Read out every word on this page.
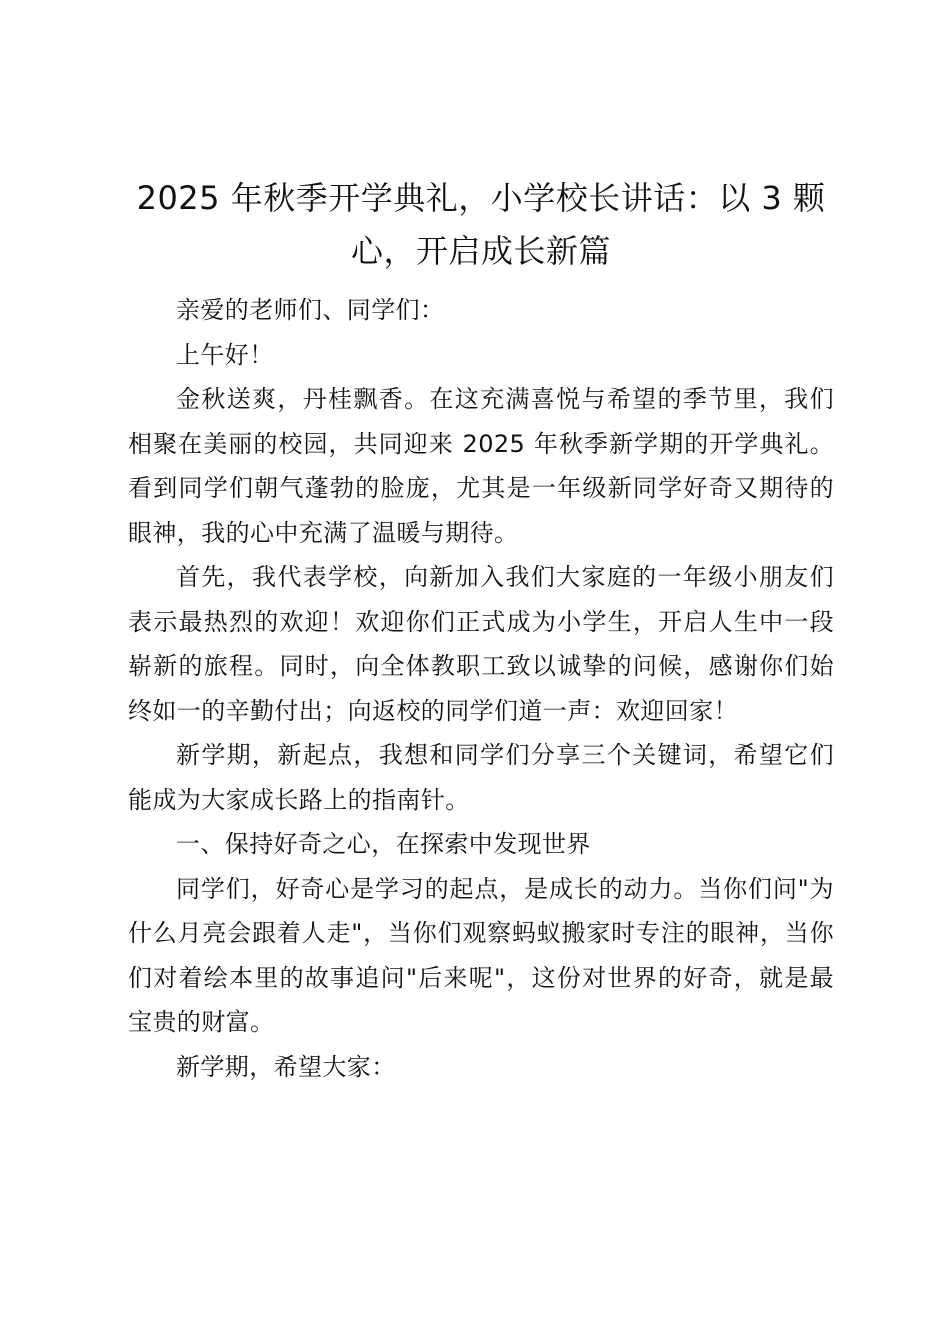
2025 年秋季开学典礼，小学校长讲话：以 3 颗心，开启成长新篇

亲爱的老师们、同学们：

上午好！

金秋送爽，丹桂飘香。在这充满喜悦与希望的季节里，我们相聚在美丽的校园，共同迎来 2025 年秋季新学期的开学典礼。看到同学们朝气蓬勃的脸庞，尤其是一年级新同学好奇又期待的眼神，我的心中充满了温暖与期待。

首先，我代表学校，向新加入我们大家庭的一年级小朋友们表示最热烈的欢迎！欢迎你们正式成为小学生，开启人生中一段崭新的旅程。同时，向全体教职工致以诚挚的问候，感谢你们始终如一的辛勤付出；向返校的同学们道一声：欢迎回家！

新学期，新起点，我想和同学们分享三个关键词，希望它们能成为大家成长路上的指南针。

一、保持好奇之心，在探索中发现世界

同学们，好奇心是学习的起点，是成长的动力。当你们问"为什么月亮会跟着人走"，当你们观察蚂蚁搬家时专注的眼神，当你们对着绘本里的故事追问"后来呢"，这份对世界的好奇，就是最宝贵的财富。

新学期，希望大家：
